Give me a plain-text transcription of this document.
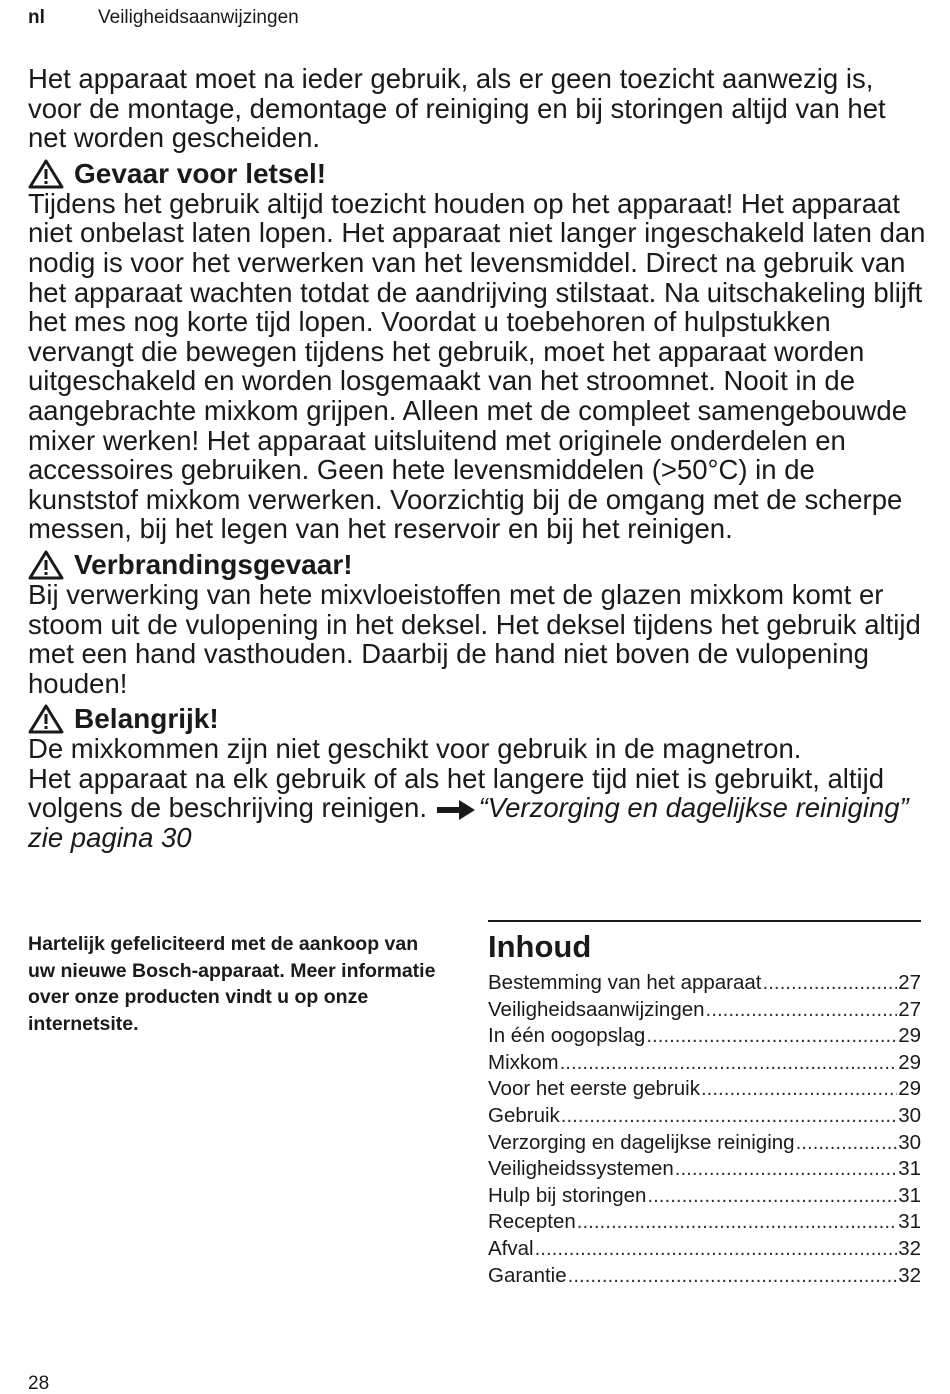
nl	Veiligheidsaanwijzingen

Het apparaat moet na ieder gebruik, als er geen toezicht aanwezig is, voor de montage, demontage of reiniging en bij storingen altijd van het net worden gescheiden.

Gevaar voor letsel!

Tijdens het gebruik altijd toezicht houden op het apparaat! Het apparaat niet onbelast laten lopen. Het apparaat niet langer ingeschakeld laten dan nodig is voor het verwerken van het levensmiddel. Direct na gebruik van het apparaat wachten totdat de aandrijving stilstaat. Na uitschakeling blijft het mes nog korte tijd lopen. Voordat u toebehoren of hulpstukken vervangt die bewegen tijdens het gebruik, moet het apparaat worden uitgeschakeld en worden losgemaakt van het stroomnet. Nooit in de aangebrachte mixkom grijpen. Alleen met de compleet samengebouwde mixer werken! Het apparaat uitsluitend met originele onderdelen en accessoires gebruiken. Geen hete levensmiddelen (>50°C) in de kunststof mixkom verwerken. Voorzichtig bij de omgang met de scherpe messen, bij het legen van het reservoir en bij het reinigen.

Verbrandingsgevaar!

Bij verwerking van hete mixvloeistoffen met de glazen mixkom komt er stoom uit de vulopening in het deksel. Het deksel tijdens het gebruik altijd met een hand vasthouden. Daarbij de hand niet boven de vulopening houden!

Belangrijk!

De mixkommen zijn niet geschikt voor gebruik in de magnetron.

Het apparaat na elk gebruik of als het langere tijd niet is gebruikt, altijd volgens de beschrijving reinigen. “Verzorging en dagelijkse reiniging” zie pagina 30

Hartelijk gefeliciteerd met de aankoop van uw nieuwe Bosch-apparaat. Meer informatie over onze producten vindt u op onze internetsite.
Inhoud
Bestemming van het apparaat .....	27
Veiligheidsaanwijzingen .....	27
In één oogopslag .....	29
Mixkom .....	29
Voor het eerste gebruik .....	29
Gebruik .....	30
Verzorging en dagelijkse reiniging .....	30
Veiligheidssystemen .....	31
Hulp bij storingen .....	31
Recepten .....	31
Afval .....	32
Garantie .....	32
28
